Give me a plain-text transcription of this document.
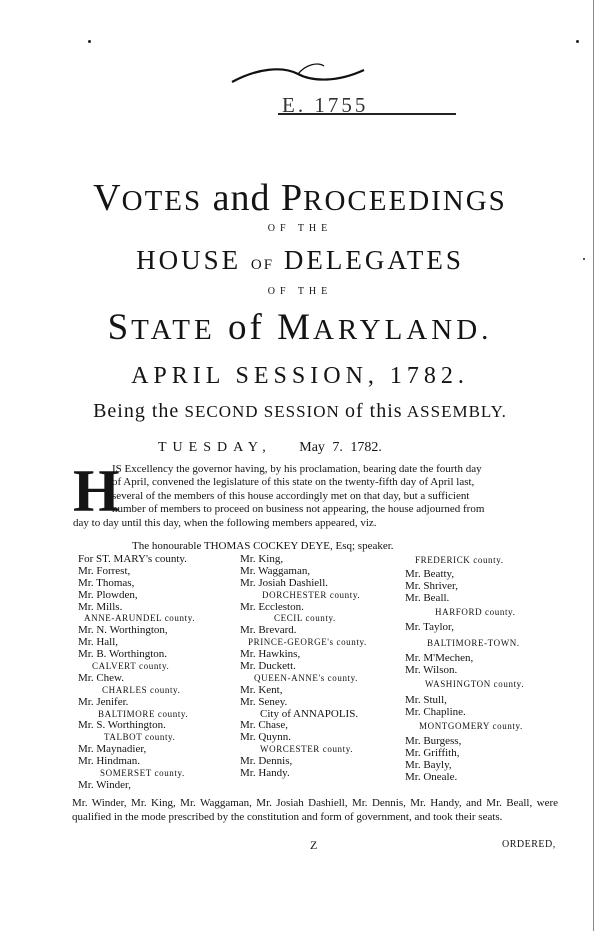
E. 1755
VOTES and PROCEEDINGS
OF THE
HOUSE OF DELEGATES
OF THE
STATE of MARYLAND.
APRIL SESSION, 1782.
Being the SECOND SESSION of this ASSEMBLY.
TUESDAY, May 7. 1782.
H
IS Excellency the governor having, by his proclamation, bearing date the fourth day
of April, convened the legislature of this state on the twenty-fifth day of April last,
several of the members of this house accordingly met on that day, but a sufficient
number of members to proceed on business not appearing, the house adjourned from
day to day until this day, when the following members appeared, viz.
The honourable THOMAS COCKEY DEYE, Esq; speaker.
For ST. MARY's county.
Mr. Forrest,
Mr. Thomas,
Mr. Plowden,
Mr. Mills.
ANNE-ARUNDEL county.
Mr. N. Worthington,
Mr. Hall,
Mr. B. Worthington.
CALVERT county.
Mr. Chew.
CHARLES county.
Mr. Jenifer.
BALTIMORE county.
Mr. S. Worthington.
TALBOT county.
Mr. Maynadier,
Mr. Hindman.
SOMERSET county.
Mr. Winder,
Mr. King,
Mr. Waggaman,
Mr. Josiah Dashiell.
DORCHESTER county.
Mr. Eccleston.
CECIL county.
Mr. Brevard.
PRINCE-GEORGE's county.
Mr. Hawkins,
Mr. Duckett.
QUEEN-ANNE's county.
Mr. Kent,
Mr. Seney.
City of ANNAPOLIS.
Mr. Chase,
Mr. Quynn.
WORCESTER county.
Mr. Dennis,
Mr. Handy.
FREDERICK county.
Mr. Beatty,
Mr. Shriver,
Mr. Beall.
HARFORD county.
Mr. Taylor,
BALTIMORE-TOWN.
Mr. M'Mechen,
Mr. Wilson.
WASHINGTON county.
Mr. Stull,
Mr. Chapline.
MONTGOMERY county.
Mr. Burgess,
Mr. Griffith,
Mr. Bayly,
Mr. Oneale.
Mr. Winder, Mr. King, Mr. Waggaman, Mr. Josiah Dashiell, Mr. Dennis, Mr. Handy, and Mr. Beall, were qualified in the mode prescribed by the constitution and form of government, and took their seats.
Z	ORDERED,
